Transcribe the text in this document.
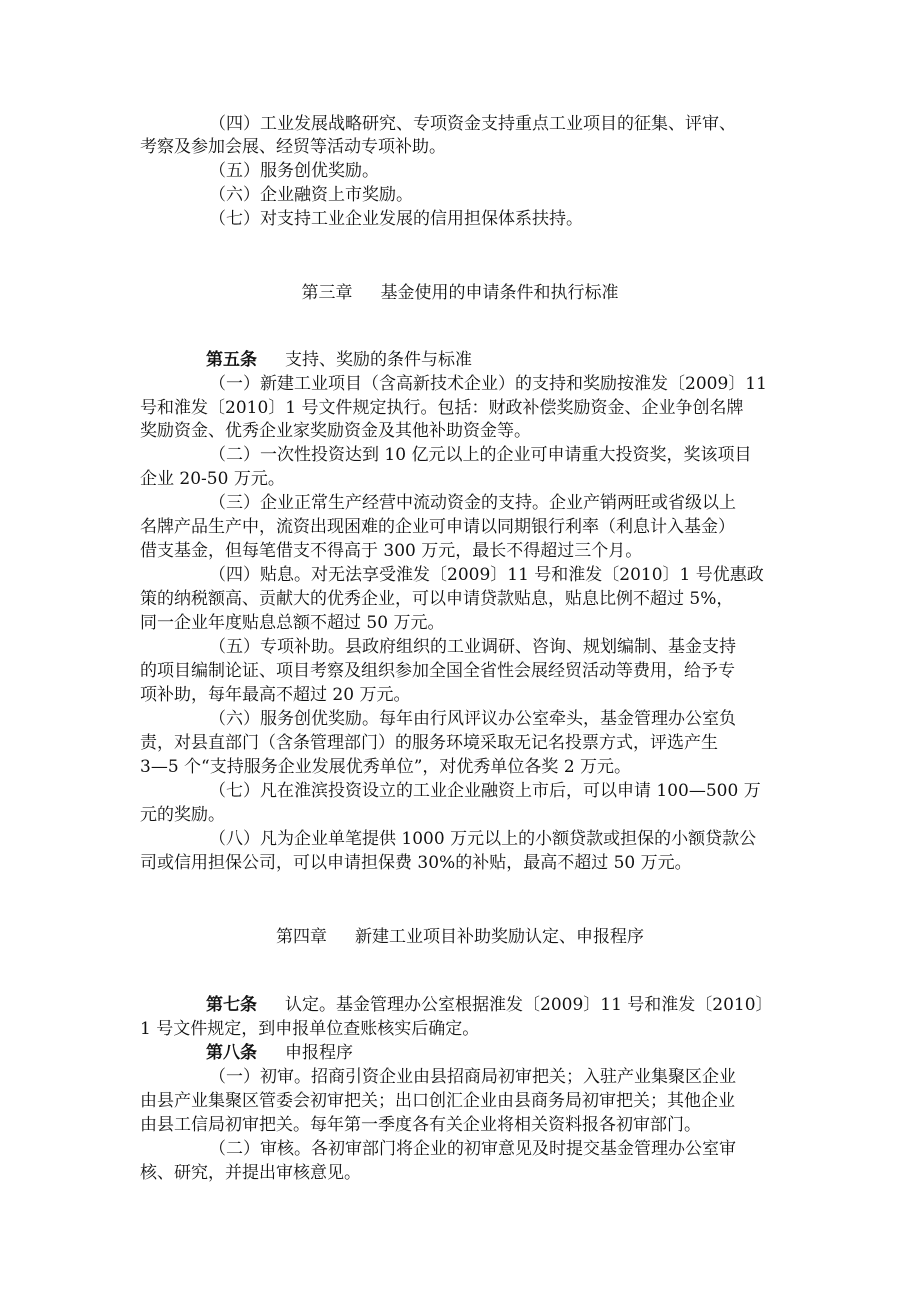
（四）工业发展战略研究、专项资金支持重点工业项目的征集、评审、
考察及参加会展、经贸等活动专项补助。
（五）服务创优奖励。
（六）企业融资上市奖励。
（七）对支持工业企业发展的信用担保体系扶持。
第三章 基金使用的申请条件和执行标准
第五条 支持、奖励的条件与标准
（一）新建工业项目（含高新技术企业）的支持和奖励按淮发〔2009〕11
号和淮发〔2010〕1 号文件规定执行。包括：财政补偿奖励资金、企业争创名牌
奖励资金、优秀企业家奖励资金及其他补助资金等。
（二）一次性投资达到 10 亿元以上的企业可申请重大投资奖，奖该项目
企业 20-50 万元。
（三）企业正常生产经营中流动资金的支持。企业产销两旺或省级以上
名牌产品生产中，流资出现困难的企业可申请以同期银行利率（利息计入基金）
借支基金，但每笔借支不得高于 300 万元，最长不得超过三个月。
（四）贴息。对无法享受淮发〔2009〕11 号和淮发〔2010〕1 号优惠政
策的纳税额高、贡献大的优秀企业，可以申请贷款贴息，贴息比例不超过 5%，
同一企业年度贴息总额不超过 50 万元。
（五）专项补助。县政府组织的工业调研、咨询、规划编制、基金支持
的项目编制论证、项目考察及组织参加全国全省性会展经贸活动等费用，给予专
项补助，每年最高不超过 20 万元。
（六）服务创优奖励。每年由行风评议办公室牵头，基金管理办公室负
责，对县直部门（含条管理部门）的服务环境采取无记名投票方式，评选产生
3—5 个“支持服务企业发展优秀单位”，对优秀单位各奖 2 万元。
（七）凡在淮滨投资设立的工业企业融资上市后，可以申请 100—500 万
元的奖励。
（八）凡为企业单笔提供 1000 万元以上的小额贷款或担保的小额贷款公
司或信用担保公司，可以申请担保费 30%的补贴，最高不超过 50 万元。
第四章 新建工业项目补助奖励认定、申报程序
第七条 认定。基金管理办公室根据淮发〔2009〕11 号和淮发〔2010〕
1 号文件规定，到申报单位查账核实后确定。
第八条 申报程序
（一）初审。招商引资企业由县招商局初审把关；入驻产业集聚区企业
由县产业集聚区管委会初审把关；出口创汇企业由县商务局初审把关；其他企业
由县工信局初审把关。每年第一季度各有关企业将相关资料报各初审部门。
（二）审核。各初审部门将企业的初审意见及时提交基金管理办公室审
核、研究，并提出审核意见。
